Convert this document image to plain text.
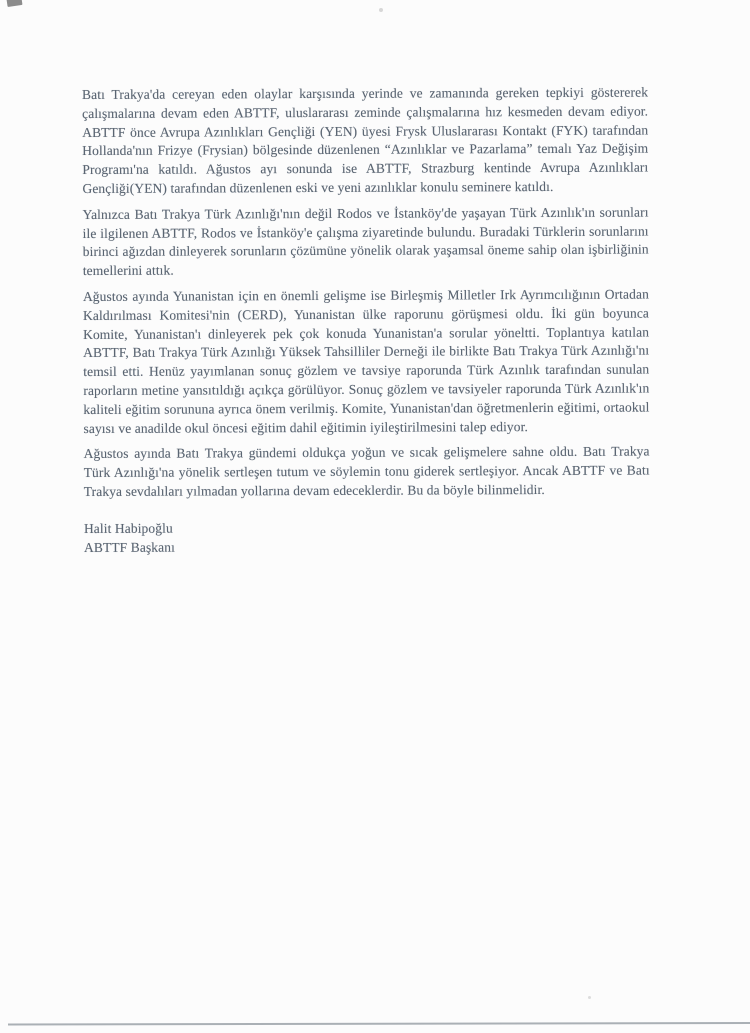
Batı Trakya'da cereyan eden olaylar karşısında yerinde ve zamanında gereken tepkiyi göstererek çalışmalarına devam eden ABTTF, uluslararası zeminde çalışmalarına hız kesmeden devam ediyor. ABTTF önce Avrupa Azınlıkları Gençliği (YEN) üyesi Frysk Uluslararası Kontakt (FYK) tarafından Hollanda'nın Frizye (Frysian) bölgesinde düzenlenen “Azınlıklar ve Pazarlama” temalı Yaz Değişim Programı'na katıldı. Ağustos ayı sonunda ise ABTTF, Strazburg kentinde Avrupa Azınlıkları Gençliği(YEN) tarafından düzenlenen eski ve yeni azınlıklar konulu seminere katıldı.

Yalnızca Batı Trakya Türk Azınlığı'nın değil Rodos ve İstanköy'de yaşayan Türk Azınlık'ın sorunları ile ilgilenen ABTTF, Rodos ve İstanköy'e çalışma ziyaretinde bulundu. Buradaki Türklerin sorunlarını birinci ağızdan dinleyerek sorunların çözümüne yönelik olarak yaşamsal öneme sahip olan işbirliğinin temellerini attık.

Ağustos ayında Yunanistan için en önemli gelişme ise Birleşmiş Milletler Irk Ayrımcılığının Ortadan Kaldırılması Komitesi'nin (CERD), Yunanistan ülke raporunu görüşmesi oldu. İki gün boyunca Komite, Yunanistan'ı dinleyerek pek çok konuda Yunanistan'a sorular yöneltti. Toplantıya katılan ABTTF, Batı Trakya Türk Azınlığı Yüksek Tahsilliler Derneği ile birlikte Batı Trakya Türk Azınlığı'nı temsil etti. Henüz yayımlanan sonuç gözlem ve tavsiye raporunda Türk Azınlık tarafından sunulan raporların metine yansıtıldığı açıkça görülüyor. Sonuç gözlem ve tavsiyeler raporunda Türk Azınlık'ın kaliteli eğitim sorununa ayrıca önem verilmiş. Komite, Yunanistan'dan öğretmenlerin eğitimi, ortaokul sayısı ve anadilde okul öncesi eğitim dahil eğitimin iyileştirilmesini talep ediyor.

Ağustos ayında Batı Trakya gündemi oldukça yoğun ve sıcak gelişmelere sahne oldu. Batı Trakya Türk Azınlığı'na yönelik sertleşen tutum ve söylemin tonu giderek sertleşiyor. Ancak ABTTF ve Batı Trakya sevdalıları yılmadan yollarına devam edeceklerdir. Bu da böyle bilinmelidir.

Halit Habipoğlu
ABTTF Başkanı
